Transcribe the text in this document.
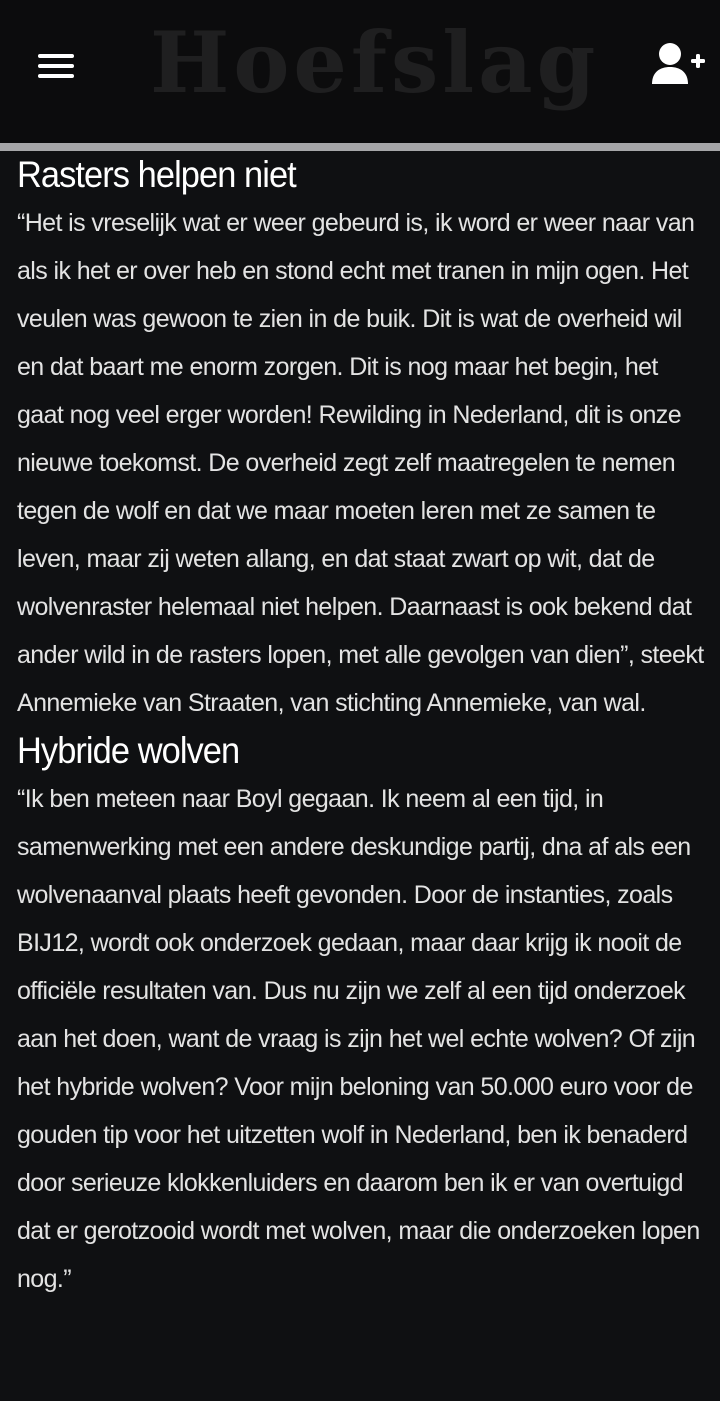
Hoefslag
Rasters helpen niet

“Het is vreselijk wat er weer gebeurd is, ik word er weer naar van als ik het er over heb en stond echt met tranen in mijn ogen. Het veulen was gewoon te zien in de buik. Dit is wat de overheid wil en dat baart me enorm zorgen. Dit is nog maar het begin, het gaat nog veel erger worden! Rewilding in Nederland, dit is onze nieuwe toekomst. De overheid zegt zelf maatregelen te nemen tegen de wolf en dat we maar moeten leren met ze samen te leven, maar zij weten allang, en dat staat zwart op wit, dat de wolvenraster helemaal niet helpen. Daarnaast is ook bekend dat ander wild in de rasters lopen, met alle gevolgen van dien”, steekt Annemieke van Straaten, van stichting Annemieke, van wal.

Hybride wolven

“Ik ben meteen naar Boyl gegaan. Ik neem al een tijd, in samenwerking met een andere deskundige partij, dna af als een wolvenaanval plaats heeft gevonden. Door de instanties, zoals BIJ12, wordt ook onderzoek gedaan, maar daar krijg ik nooit de officiële resultaten van. Dus nu zijn we zelf al een tijd onderzoek aan het doen, want de vraag is zijn het wel echte wolven? Of zijn het hybride wolven? Voor mijn beloning van 50.000 euro voor de gouden tip voor het uitzetten wolf in Nederland, ben ik benaderd door serieuze klokkenluiders en daarom ben ik er van overtuigd dat er gerotzooid wordt met wolven, maar die onderzoeken lopen nog.”
